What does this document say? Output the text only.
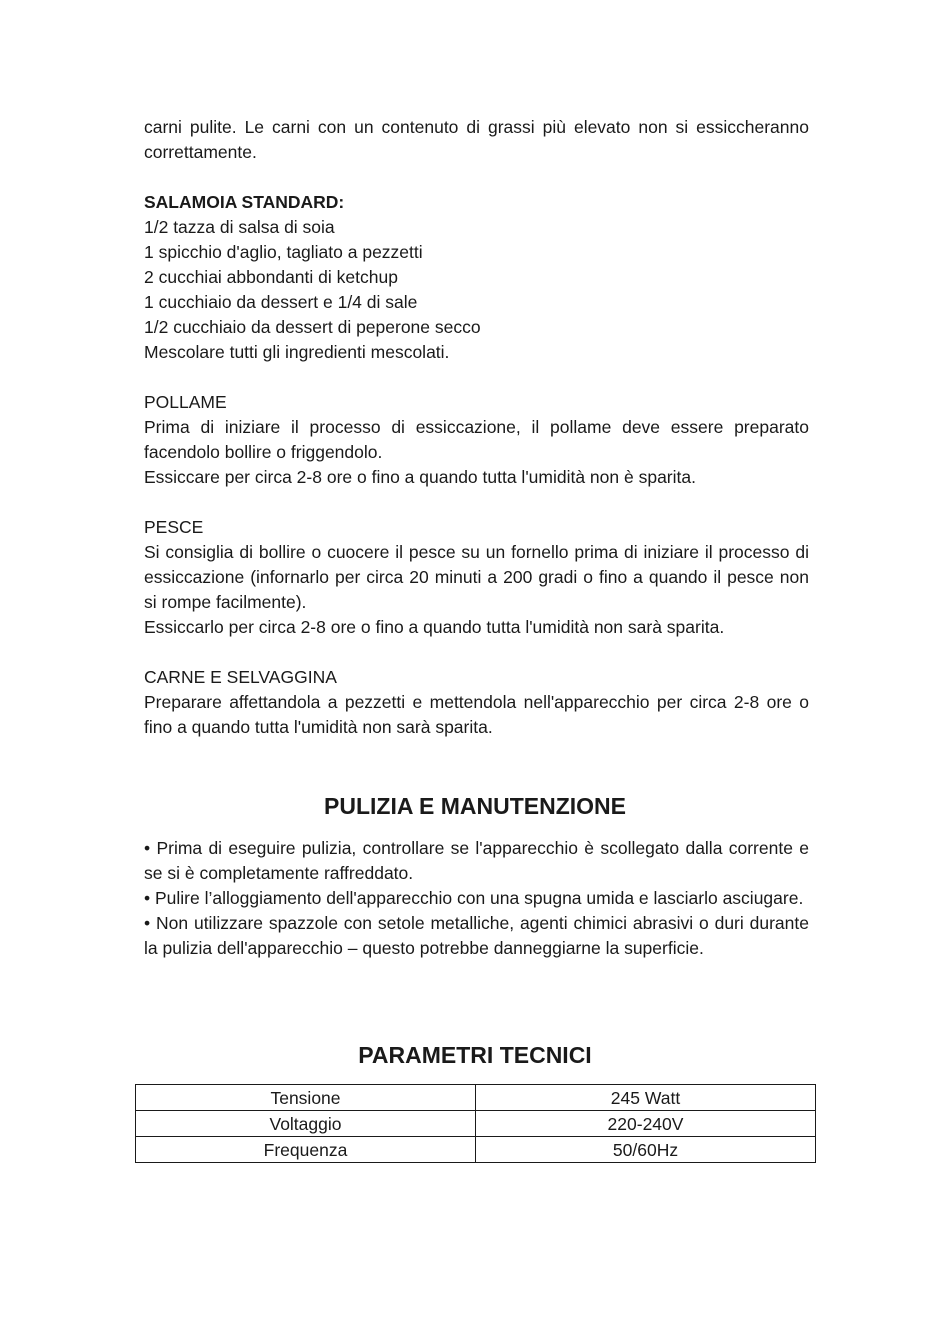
carni pulite. Le carni con un contenuto di grassi più elevato non si essiccheranno correttamente.

SALAMOIA STANDARD:
1/2 tazza di salsa di soia
1 spicchio d'aglio, tagliato a pezzetti
2 cucchiai abbondanti di ketchup
1 cucchiaio da dessert e 1/4 di sale
1/2 cucchiaio da dessert di peperone secco
Mescolare tutti gli ingredienti mescolati.
POLLAME

Prima di iniziare il processo di essiccazione, il pollame deve essere preparato facendolo bollire o friggendolo.

Essiccare per circa 2-8 ore o fino a quando tutta l'umidità non è sparita.

PESCE

Si consiglia di bollire o cuocere il pesce su un fornello prima di iniziare il processo di essiccazione (infornarlo per circa 20 minuti a 200 gradi o fino a quando il pesce non si rompe facilmente).

Essiccarlo per circa 2-8 ore o fino a quando tutta l'umidità non sarà sparita.

CARNE E SELVAGGINA

Preparare affettandola a pezzetti e mettendola nell'apparecchio per circa 2-8 ore o fino a quando tutta l'umidità non sarà sparita.

PULIZIA E MANUTENZIONE

• Prima di eseguire pulizia, controllare se l'apparecchio è scollegato dalla corrente e se si è completamente raffreddato.

• Pulire l’alloggiamento dell'apparecchio con una spugna umida e lasciarlo asciugare.

• Non utilizzare spazzole con setole metalliche, agenti chimici abrasivi o duri durante la pulizia dell'apparecchio – questo potrebbe danneggiarne la superficie.

PARAMETRI TECNICI
Tensione	245 Watt
Voltaggio	220-240V
Frequenza	50/60Hz
